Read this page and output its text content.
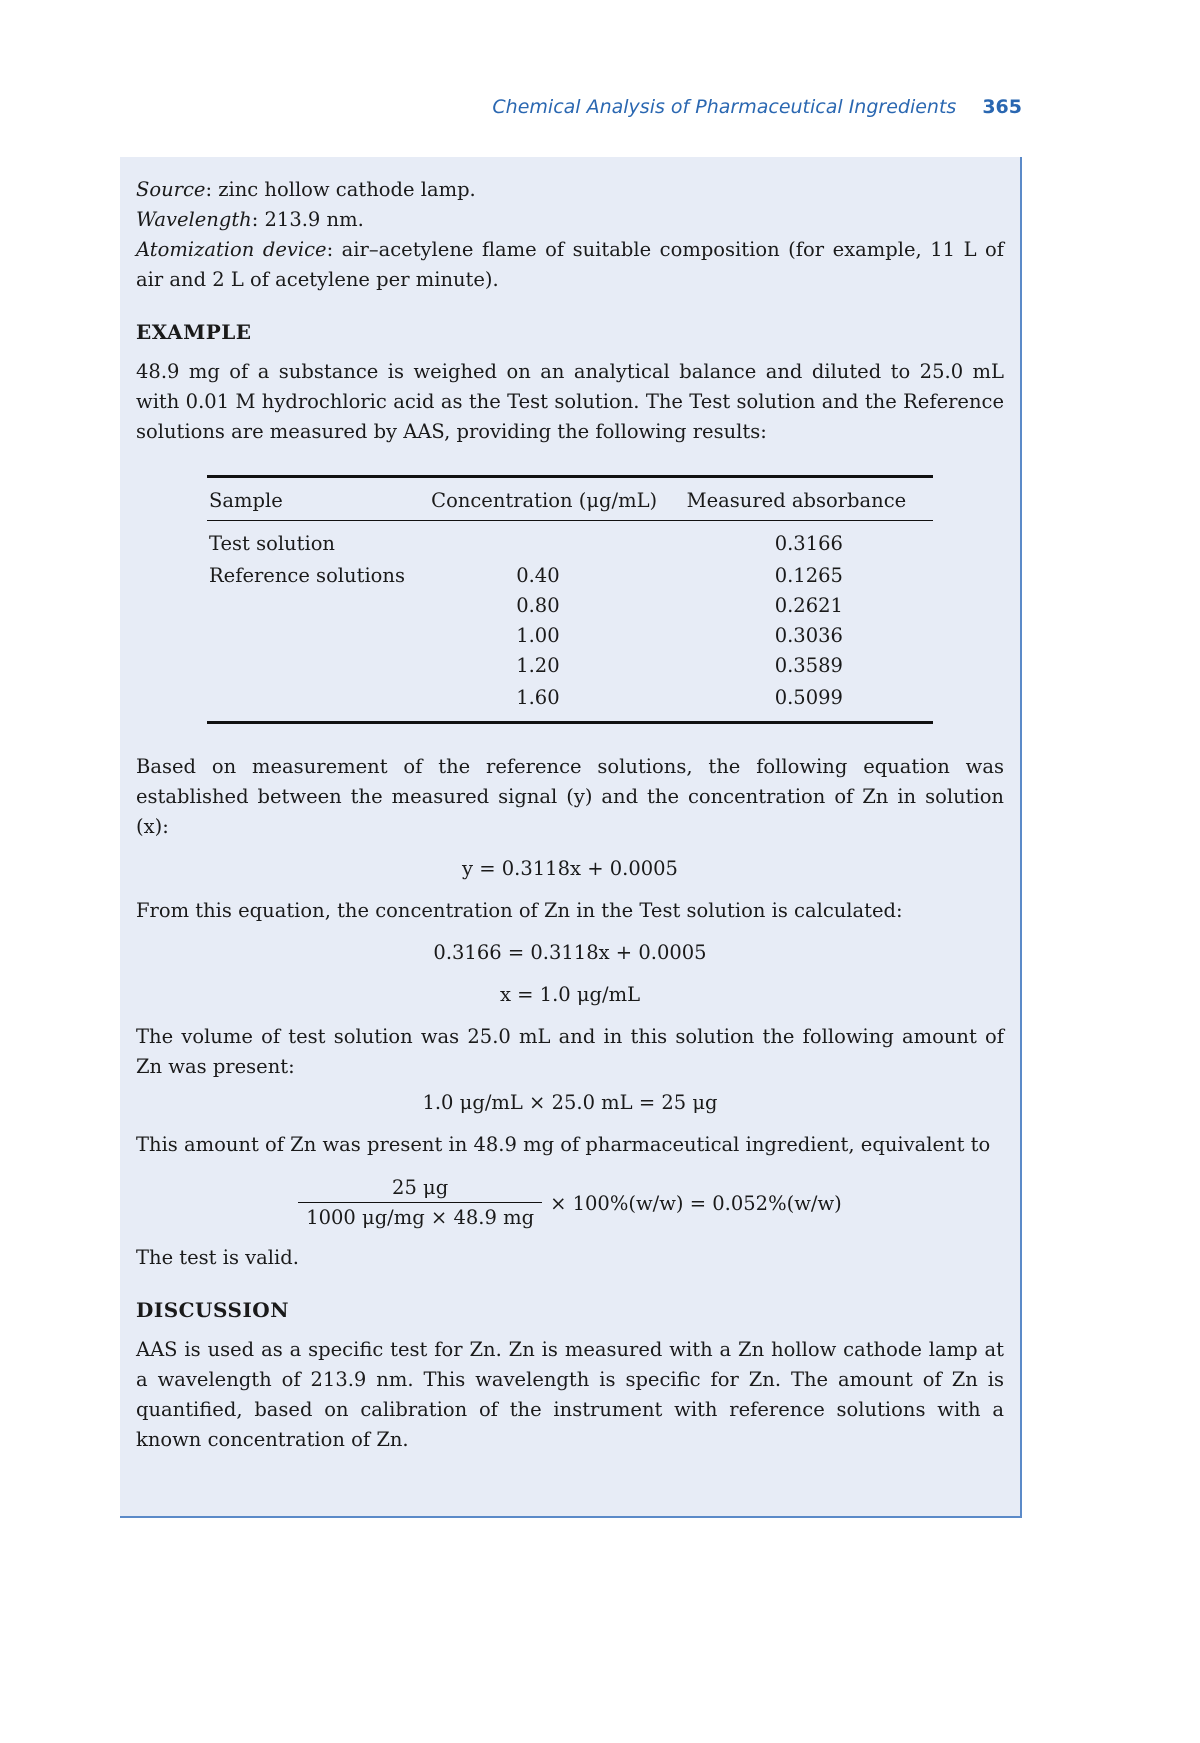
Chemical Analysis of Pharmaceutical Ingredients 365

Source: zinc hollow cathode lamp.

Wavelength: 213.9 nm.

Atomization device: air–acetylene flame of suitable composition (for example, 11 L of air and 2 L of acetylene per minute).

EXAMPLE

48.9 mg of a substance is weighed on an analytical balance and diluted to 25.0 mL with 0.01 M hydrochloric acid as the Test solution. The Test solution and the Reference solutions are measured by AAS, providing the following results:

Sample	Concentration (μg/mL)	Measured absorbance
Test solution		0.3166
Reference solutions	0.40	0.1265
	0.80	0.2621
	1.00	0.3036
	1.20	0.3589
	1.60	0.5099

Based on measurement of the reference solutions, the following equation was established between the measured signal (y) and the concentration of Zn in solution (x):

y = 0.3118x + 0.0005

From this equation, the concentration of Zn in the Test solution is calculated:

0.3166 = 0.3118x + 0.0005
x = 1.0 μg/mL

The volume of test solution was 25.0 mL and in this solution the following amount of Zn was present:

1.0 μg/mL × 25.0 mL = 25 μg

This amount of Zn was present in 48.9 mg of pharmaceutical ingredient, equivalent to

$\frac{25 \mu g}{1000 \mu g/mg \times 48.9 mg} \times 100\%(w/w) = 0.052\%(w/w)$

The test is valid.

DISCUSSION

AAS is used as a specific test for Zn. Zn is measured with a Zn hollow cathode lamp at a wavelength of 213.9 nm. This wavelength is specific for Zn. The amount of Zn is quantified, based on calibration of the instrument with reference solutions with a known concentration of Zn.
